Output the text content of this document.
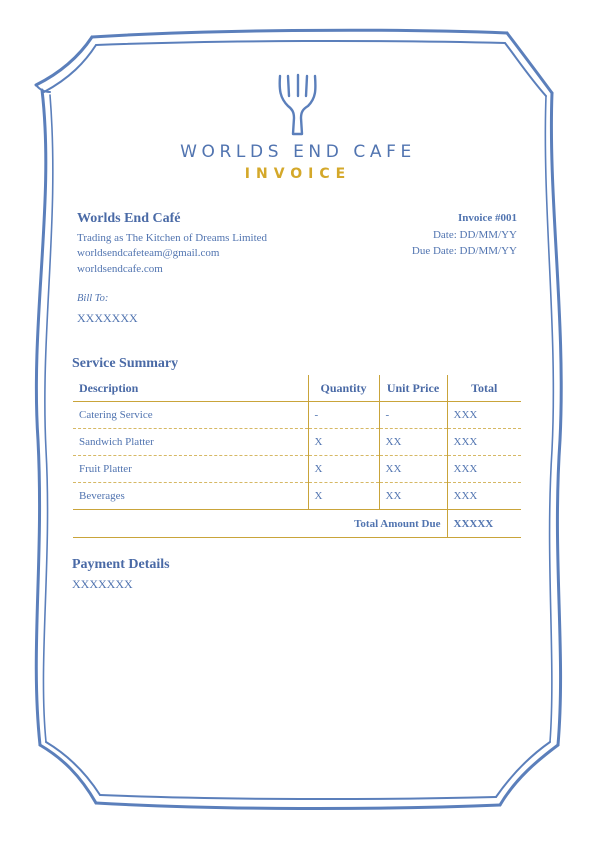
WORLDS END CAFE
INVOICE
Worlds End Café
Trading as The Kitchen of Dreams Limited
worldsendcafeteam@gmail.com
worldsendcafe.com
Invoice #001
Date: DD/MM/YY
Due Date: DD/MM/YY
Bill To:
XXXXXXX
Service Summary
Description	Quantity	Unit Price	Total
Catering Service	-	-	XXX
Sandwich Platter	X	XX	XXX
Fruit Platter	X	XX	XXX
Beverages	X	XX	XXX
Total Amount Due			XXXXX
Payment Details
XXXXXXX
